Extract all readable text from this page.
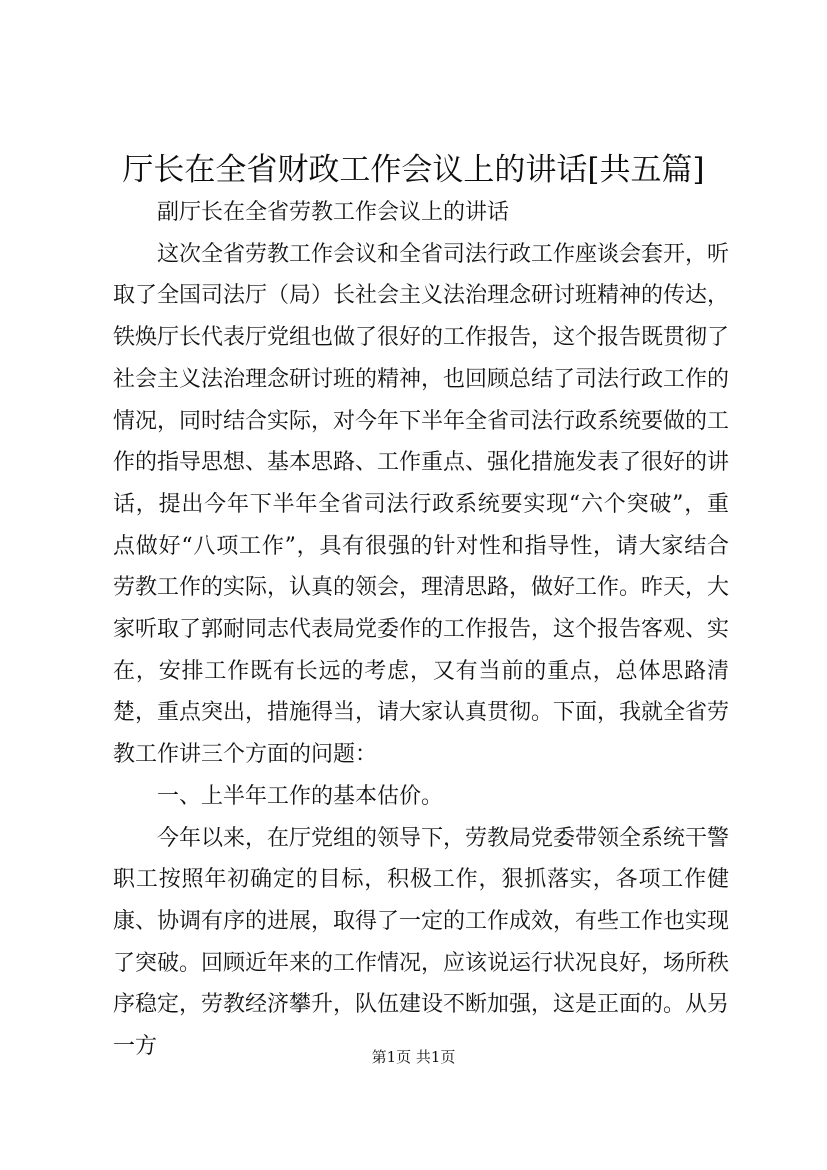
厅长在全省财政工作会议上的讲话[共五篇]

副厅长在全省劳教工作会议上的讲话

这次全省劳教工作会议和全省司法行政工作座谈会套开，听取了全国司法厅（局）长社会主义法治理念研讨班精神的传达，铁焕厅长代表厅党组也做了很好的工作报告，这个报告既贯彻了社会主义法治理念研讨班的精神，也回顾总结了司法行政工作的情况，同时结合实际，对今年下半年全省司法行政系统要做的工作的指导思想、基本思路、工作重点、强化措施发表了很好的讲话，提出今年下半年全省司法行政系统要实现“六个突破”，重点做好“八项工作”，具有很强的针对性和指导性，请大家结合劳教工作的实际，认真的领会，理清思路，做好工作。昨天，大家听取了郭耐同志代表局党委作的工作报告，这个报告客观、实在，安排工作既有长远的考虑，又有当前的重点，总体思路清楚，重点突出，措施得当，请大家认真贯彻。下面，我就全省劳教工作讲三个方面的问题：

一、上半年工作的基本估价。

今年以来，在厅党组的领导下，劳教局党委带领全系统干警职工按照年初确定的目标，积极工作，狠抓落实，各项工作健康、协调有序的进展，取得了一定的工作成效，有些工作也实现了突破。回顾近年来的工作情况，应该说运行状况良好，场所秩序稳定，劳教经济攀升，队伍建设不断加强，这是正面的。从另一方	第1页 共1页
